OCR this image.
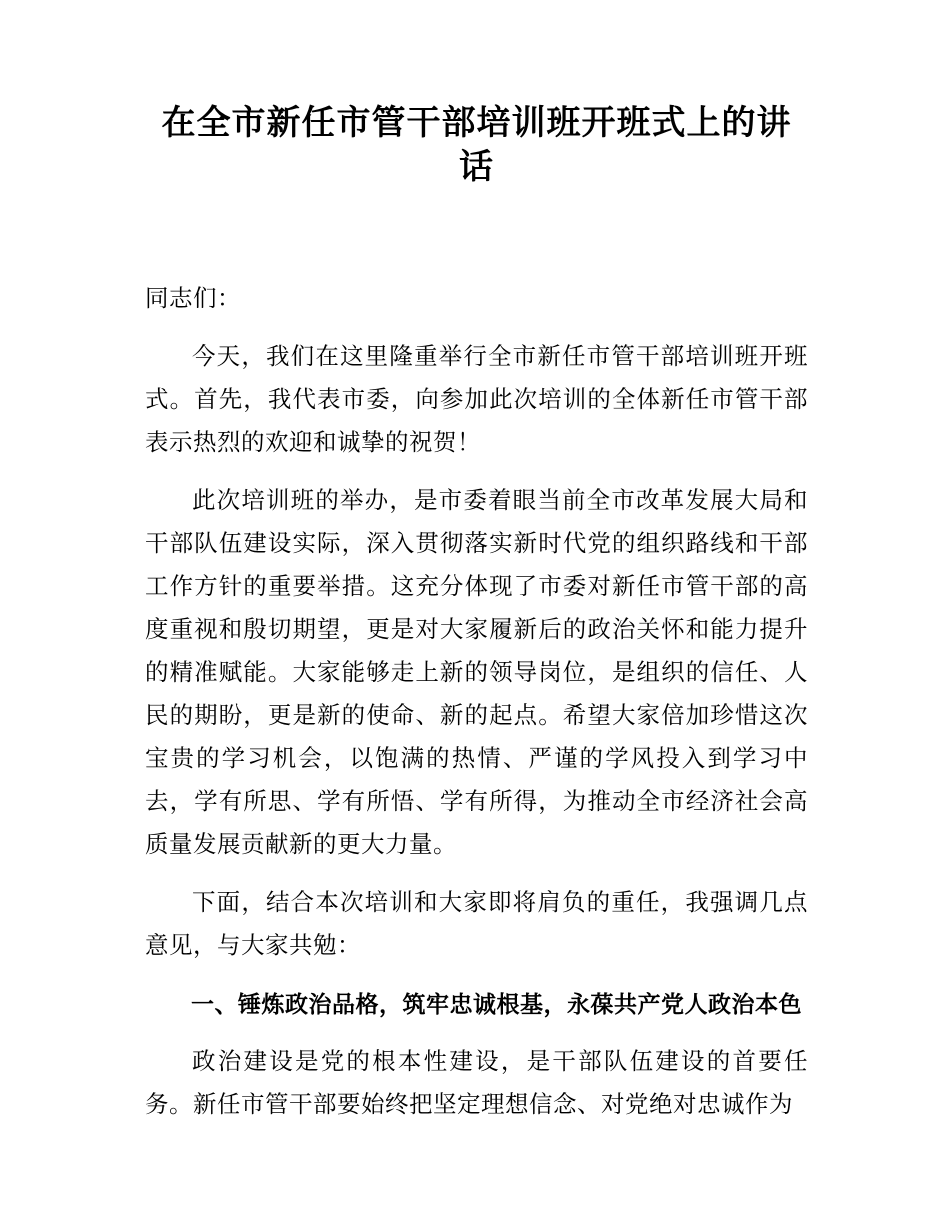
在全市新任市管干部培训班开班式上的讲话

同志们：

今天，我们在这里隆重举行全市新任市管干部培训班开班式。首先，我代表市委，向参加此次培训的全体新任市管干部表示热烈的欢迎和诚挚的祝贺！

此次培训班的举办，是市委着眼当前全市改革发展大局和干部队伍建设实际，深入贯彻落实新时代党的组织路线和干部工作方针的重要举措。这充分体现了市委对新任市管干部的高度重视和殷切期望，更是对大家履新后的政治关怀和能力提升的精准赋能。大家能够走上新的领导岗位，是组织的信任、人民的期盼，更是新的使命、新的起点。希望大家倍加珍惜这次宝贵的学习机会，以饱满的热情、严谨的学风投入到学习中去，学有所思、学有所悟、学有所得，为推动全市经济社会高质量发展贡献新的更大力量。

下面，结合本次培训和大家即将肩负的重任，我强调几点意见，与大家共勉：

一、锤炼政治品格，筑牢忠诚根基，永葆共产党人政治本色

政治建设是党的根本性建设，是干部队伍建设的首要任务。新任市管干部要始终把坚定理想信念、对党绝对忠诚作为
